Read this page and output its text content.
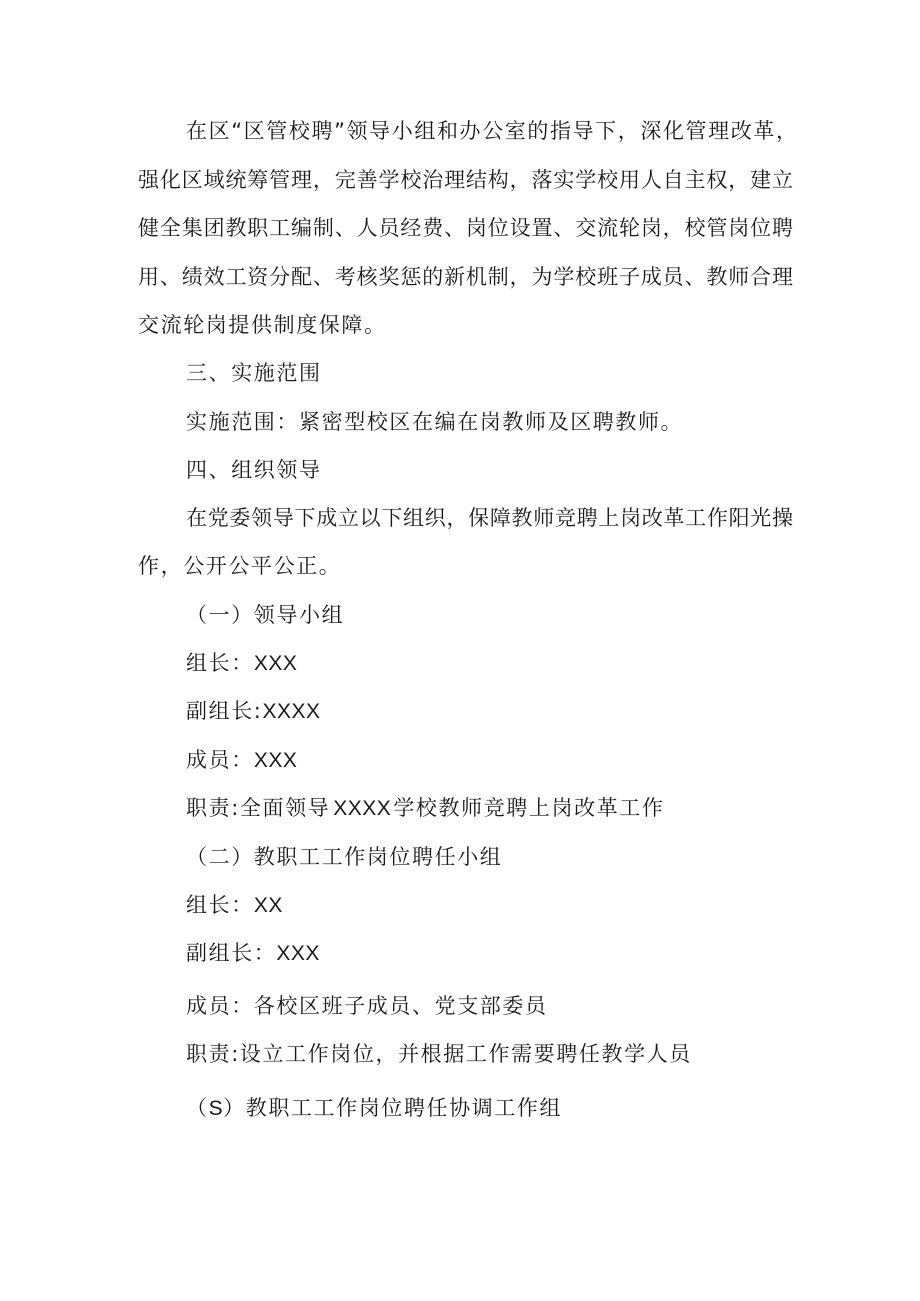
在区“区管校聘”领导小组和办公室的指导下，深化管理改革，
强化区域统筹管理，完善学校治理结构，落实学校用人自主权，建立
健全集团教职工编制、人员经费、岗位设置、交流轮岗，校管岗位聘
用、绩效工资分配、考核奖惩的新机制，为学校班子成员、教师合理
交流轮岗提供制度保障。
三、实施范围
实施范围：紧密型校区在编在岗教师及区聘教师。
四、组织领导
在党委领导下成立以下组织，保障教师竞聘上岗改革工作阳光操
作，公开公平公正。
（一）领导小组
组长：XXX
副组长:XXXX
成员：XXX
职责:全面领导 XXXX学校教师竞聘上岗改革工作
（二）教职工工作岗位聘任小组
组长：XX
副组长：XXX
成员：各校区班子成员、党支部委员
职责:设立工作岗位，并根据工作需要聘任教学人员
（S）教职工工作岗位聘任协调工作组
